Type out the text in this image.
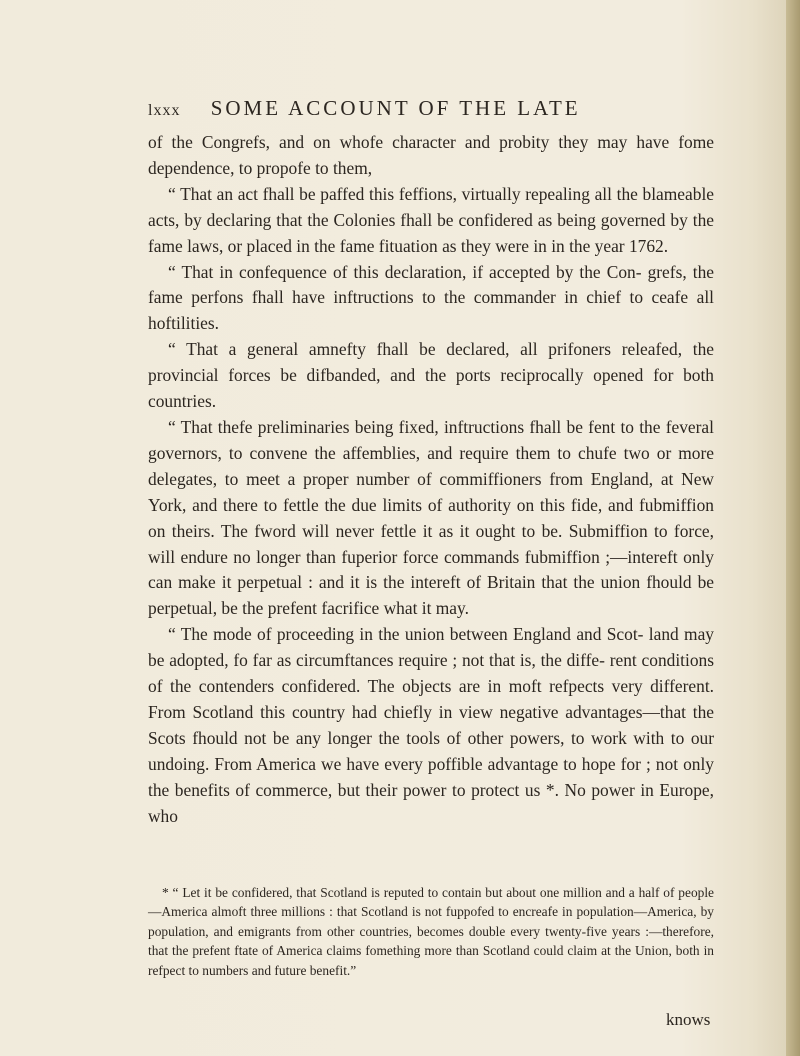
lxxx SOME ACCOUNT OF THE LATE

of the Congrefs, and on whofe character and probity they may have fome dependence, to propofe to them,

“ That an act fhall be paffed this feffions, virtually repealing all the blameable acts, by declaring that the Colonies fhall be confidered as being governed by the fame laws, or placed in the fame fituation as they were in in the year 1762.

“ That in confequence of this declaration, if accepted by the Con- grefs, the fame perfons fhall have inftructions to the commander in chief to ceafe all hoftilities.

“ That a general amnefty fhall be declared, all prifoners releafed, the provincial forces be difbanded, and the ports reciprocally opened for both countries.

“ That thefe preliminaries being fixed, inftructions fhall be fent to the feveral governors, to convene the affemblies, and require them to chufe two or more delegates, to meet a proper number of commiffioners from England, at New York, and there to fettle the due limits of authority on this fide, and fubmiffion on theirs. The fword will never fettle it as it ought to be. Submiffion to force, will endure no longer than fuperior force commands fubmiffion ;—intereft only can make it perpetual : and it is the intereft of Britain that the union fhould be perpetual, be the prefent facrifice what it may.

“ The mode of proceeding in the union between England and Scot- land may be adopted, fo far as circumftances require ; not that is, the diffe- rent conditions of the contenders confidered. The objects are in moft refpects very different. From Scotland this country had chiefly in view negative advantages—that the Scots fhould not be any longer the tools of other powers, to work with to our undoing. From America we have every poffible advantage to hope for ; not only the benefits of commerce, but their power to protect us *. No power in Europe, who

* “ Let it be confidered, that Scotland is reputed to contain but about one million and a half of people—America almoft three millions : that Scotland is not fuppofed to encreafe in population—America, by population, and emigrants from other countries, becomes double every twenty-five years :—therefore, that the prefent ftate of America claims fomething more than Scotland could claim at the Union, both in refpect to numbers and future benefit.”

knows
